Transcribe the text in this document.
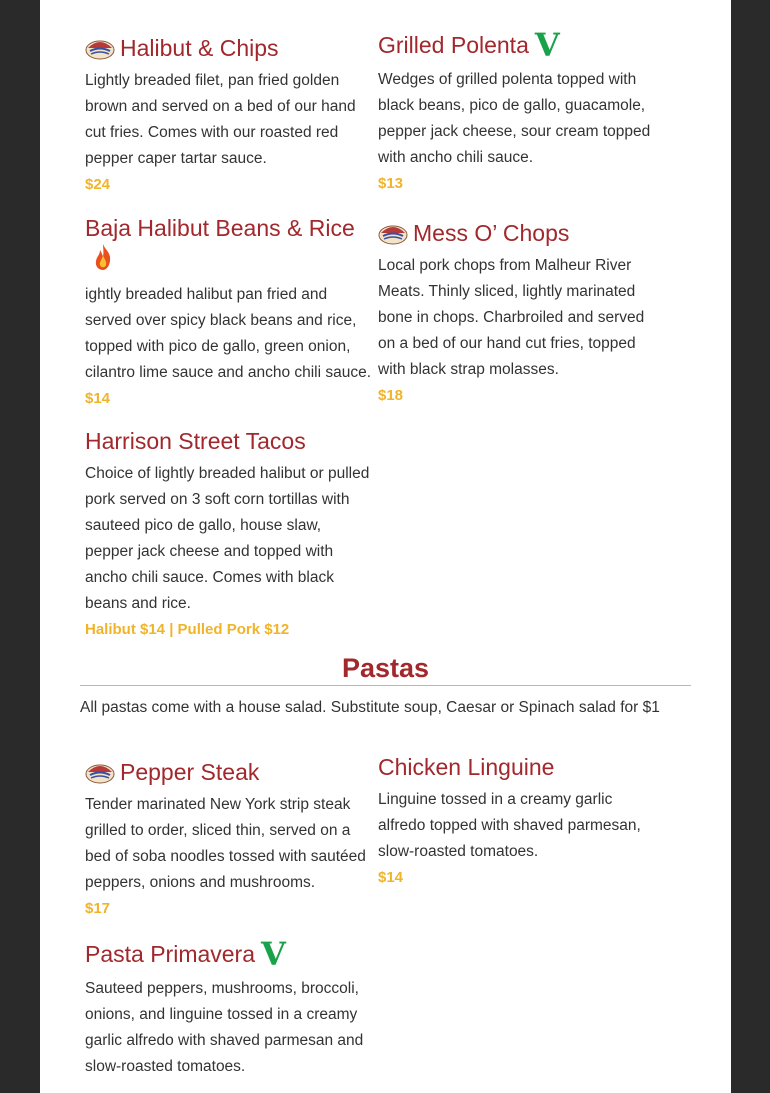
Halibut & Chips
Lightly breaded filet, pan fried golden brown and served on a bed of our hand cut fries. Comes with our roasted red pepper caper tartar sauce.
$24
Grilled Polenta V
Wedges of grilled polenta topped with black beans, pico de gallo, guacamole, pepper jack cheese, sour cream topped with ancho chili sauce.
$13
Baja Halibut Beans & Rice
ightly breaded halibut pan fried and served over spicy black beans and rice, topped with pico de gallo, green onion, cilantro lime sauce and ancho chili sauce.
$14
Mess O’ Chops
Local pork chops from Malheur River Meats. Thinly sliced, lightly marinated bone in chops. Charbroiled and served on a bed of our hand cut fries, topped with black strap molasses.
$18
Harrison Street Tacos
Choice of lightly breaded halibut or pulled pork served on 3 soft corn tortillas with sauteed pico de gallo, house slaw, pepper jack cheese and topped with ancho chili sauce. Comes with black beans and rice.
Halibut $14 | Pulled Pork $12
Pastas
All pastas come with a house salad. Substitute soup, Caesar or Spinach salad for $1
Pepper Steak
Tender marinated New York strip steak grilled to order, sliced thin, served on a bed of soba noodles tossed with sautéed peppers, onions and mushrooms.
$17
Chicken Linguine
Linguine tossed in a creamy garlic alfredo topped with shaved parmesan, slow-roasted tomatoes.
$14
Pasta Primavera V
Sauteed peppers, mushrooms, broccoli, onions, and linguine tossed in a creamy garlic alfredo with shaved parmesan and slow-roasted tomatoes.
